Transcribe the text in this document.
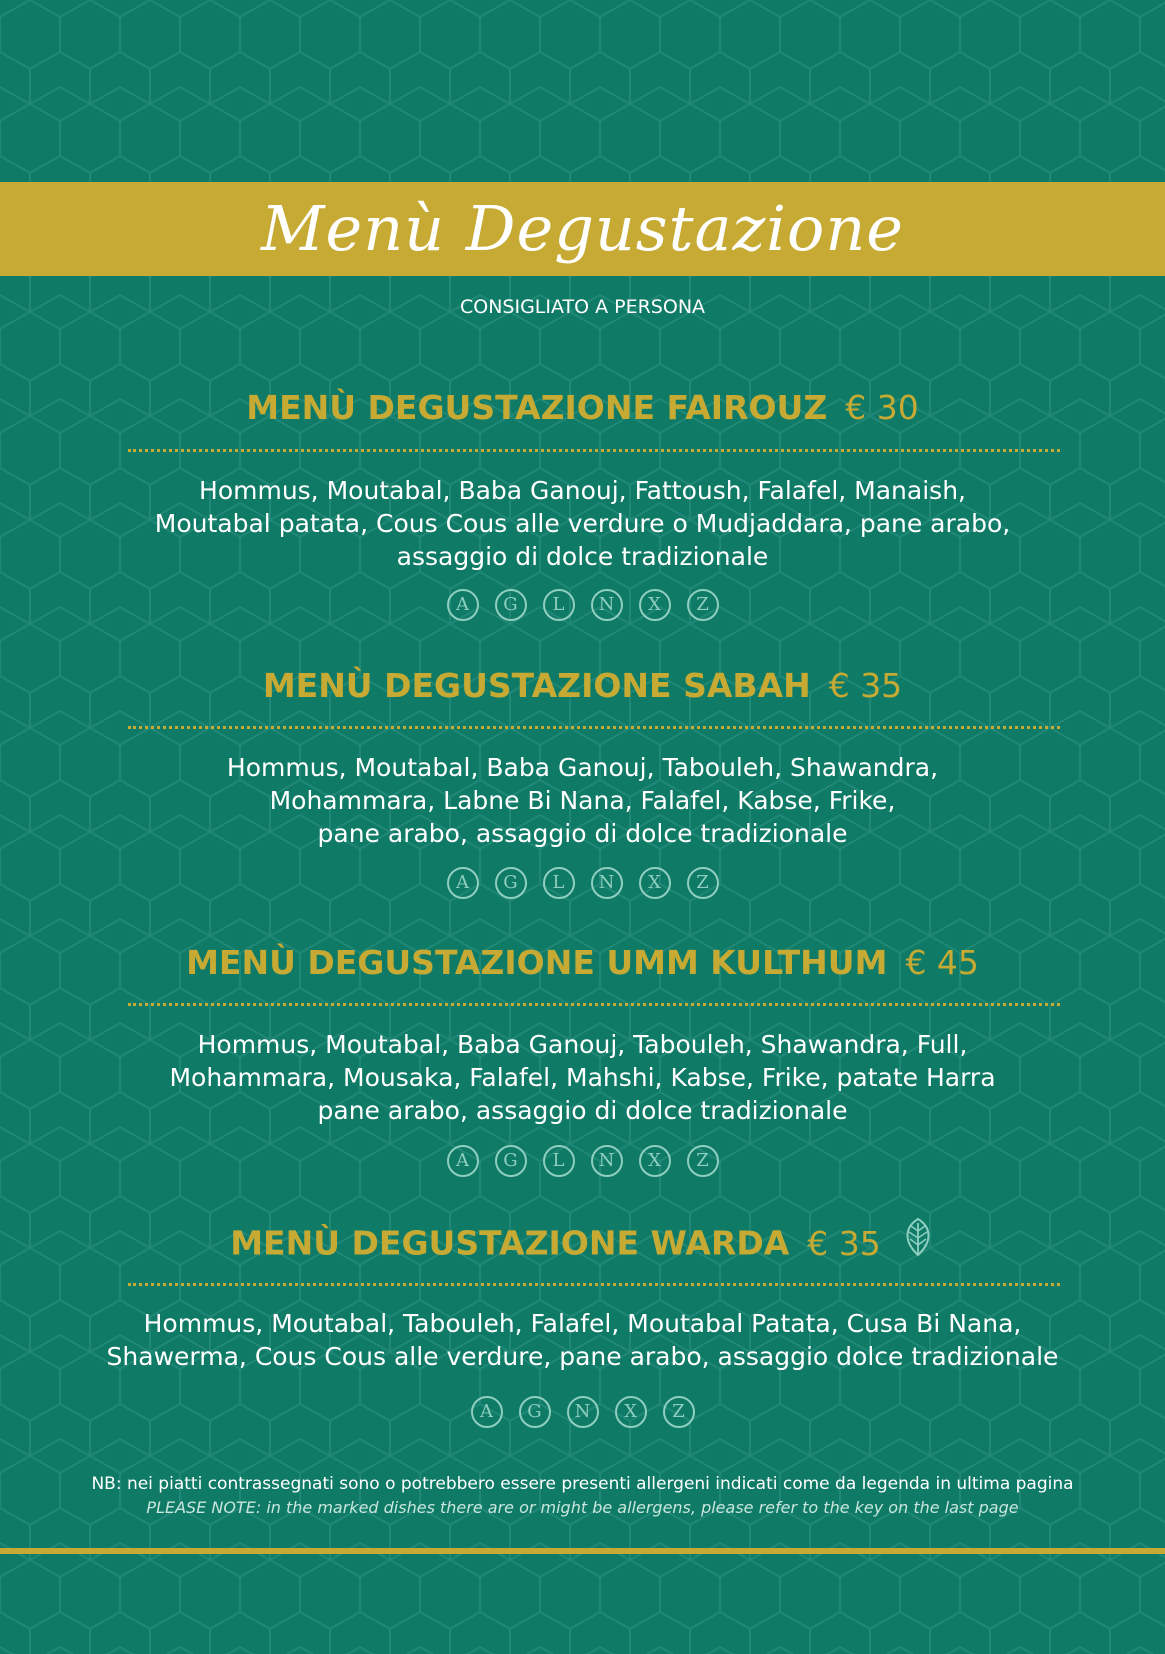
Menù Degustazione
CONSIGLIATO A PERSONA
MENÙ DEGUSTAZIONE FAIROUZ € 30
Hommus, Moutabal, Baba Ganouj, Fattoush, Falafel, Manaish,
Moutabal patata, Cous Cous alle verdure o Mudjaddara, pane arabo,
assaggio di dolce tradizionale
A G L N X Z
MENÙ DEGUSTAZIONE SABAH € 35
Hommus, Moutabal, Baba Ganouj, Tabouleh, Shawandra,
Mohammara, Labne Bi Nana, Falafel, Kabse, Frike,
pane arabo, assaggio di dolce tradizionale
A G L N X Z
MENÙ DEGUSTAZIONE UMM KULTHUM € 45
Hommus, Moutabal, Baba Ganouj, Tabouleh, Shawandra, Full,
Mohammara, Mousaka, Falafel, Mahshi, Kabse, Frike, patate Harra
pane arabo, assaggio di dolce tradizionale
A G L N X Z
MENÙ DEGUSTAZIONE WARDA € 35
Hommus, Moutabal, Tabouleh, Falafel, Moutabal Patata, Cusa Bi Nana,
Shawerma, Cous Cous alle verdure, pane arabo, assaggio dolce tradizionale
A G N X Z
NB: nei piatti contrassegnati sono o potrebbero essere presenti allergeni indicati come da legenda in ultima pagina
PLEASE NOTE: in the marked dishes there are or might be allergens, please refer to the key on the last page
